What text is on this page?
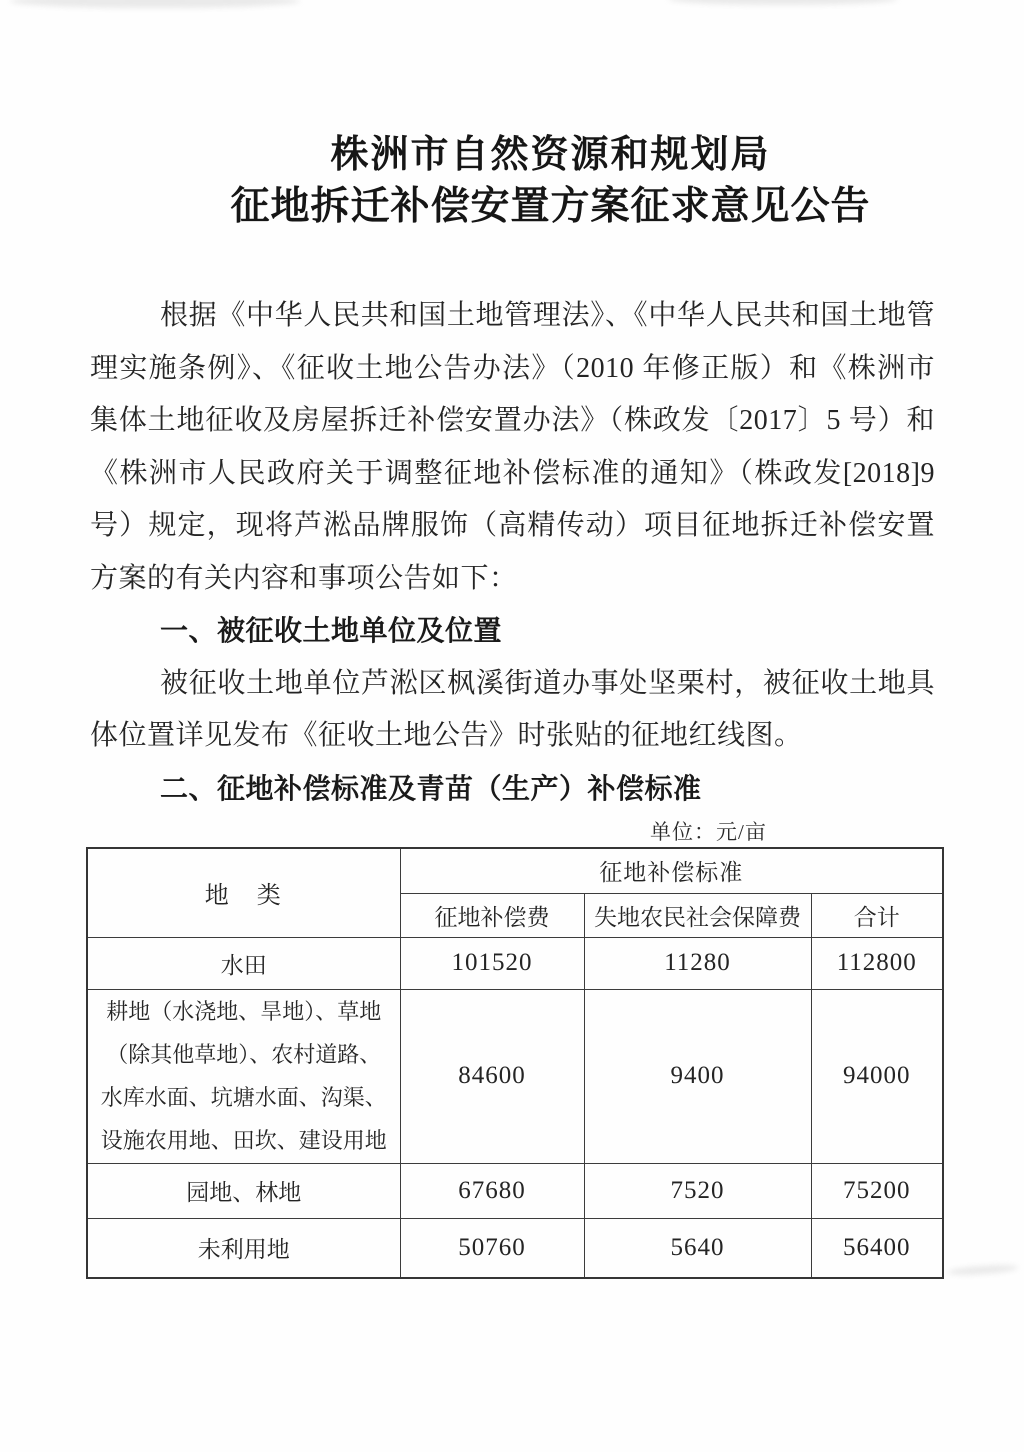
株洲市自然资源和规划局
征地拆迁补偿安置方案征求意见公告

根据《中华人民共和国土地管理法》、《中华人民共和国土地管理实施条例》、《征收土地公告办法》（2010 年修正版）和《株洲市集体土地征收及房屋拆迁补偿安置办法》（株政发〔2017〕5 号）和《株洲市人民政府关于调整征地补偿标准的通知》（株政发[2018]9 号）规定，现将芦淞品牌服饰（高精传动）项目征地拆迁补偿安置方案的有关内容和事项公告如下：

一、被征收土地单位及位置

被征收土地单位芦淞区枫溪街道办事处坚栗村，被征收土地具体位置详见发布《征收土地公告》时张贴的征地红线图。

二、征地补偿标准及青苗（生产）补偿标准

单位：元/亩
地　类	征地补偿标准		
	征地补偿费	失地农民社会保障费	合计
水田	101520	11280	112800
耕地（水浇地、旱地）、草地（除其他草地）、农村道路、水库水面、坑塘水面、沟渠、设施农用地、田坎、建设用地	84600	9400	94000
园地、林地	67680	7520	75200
未利用地	50760	5640	56400
